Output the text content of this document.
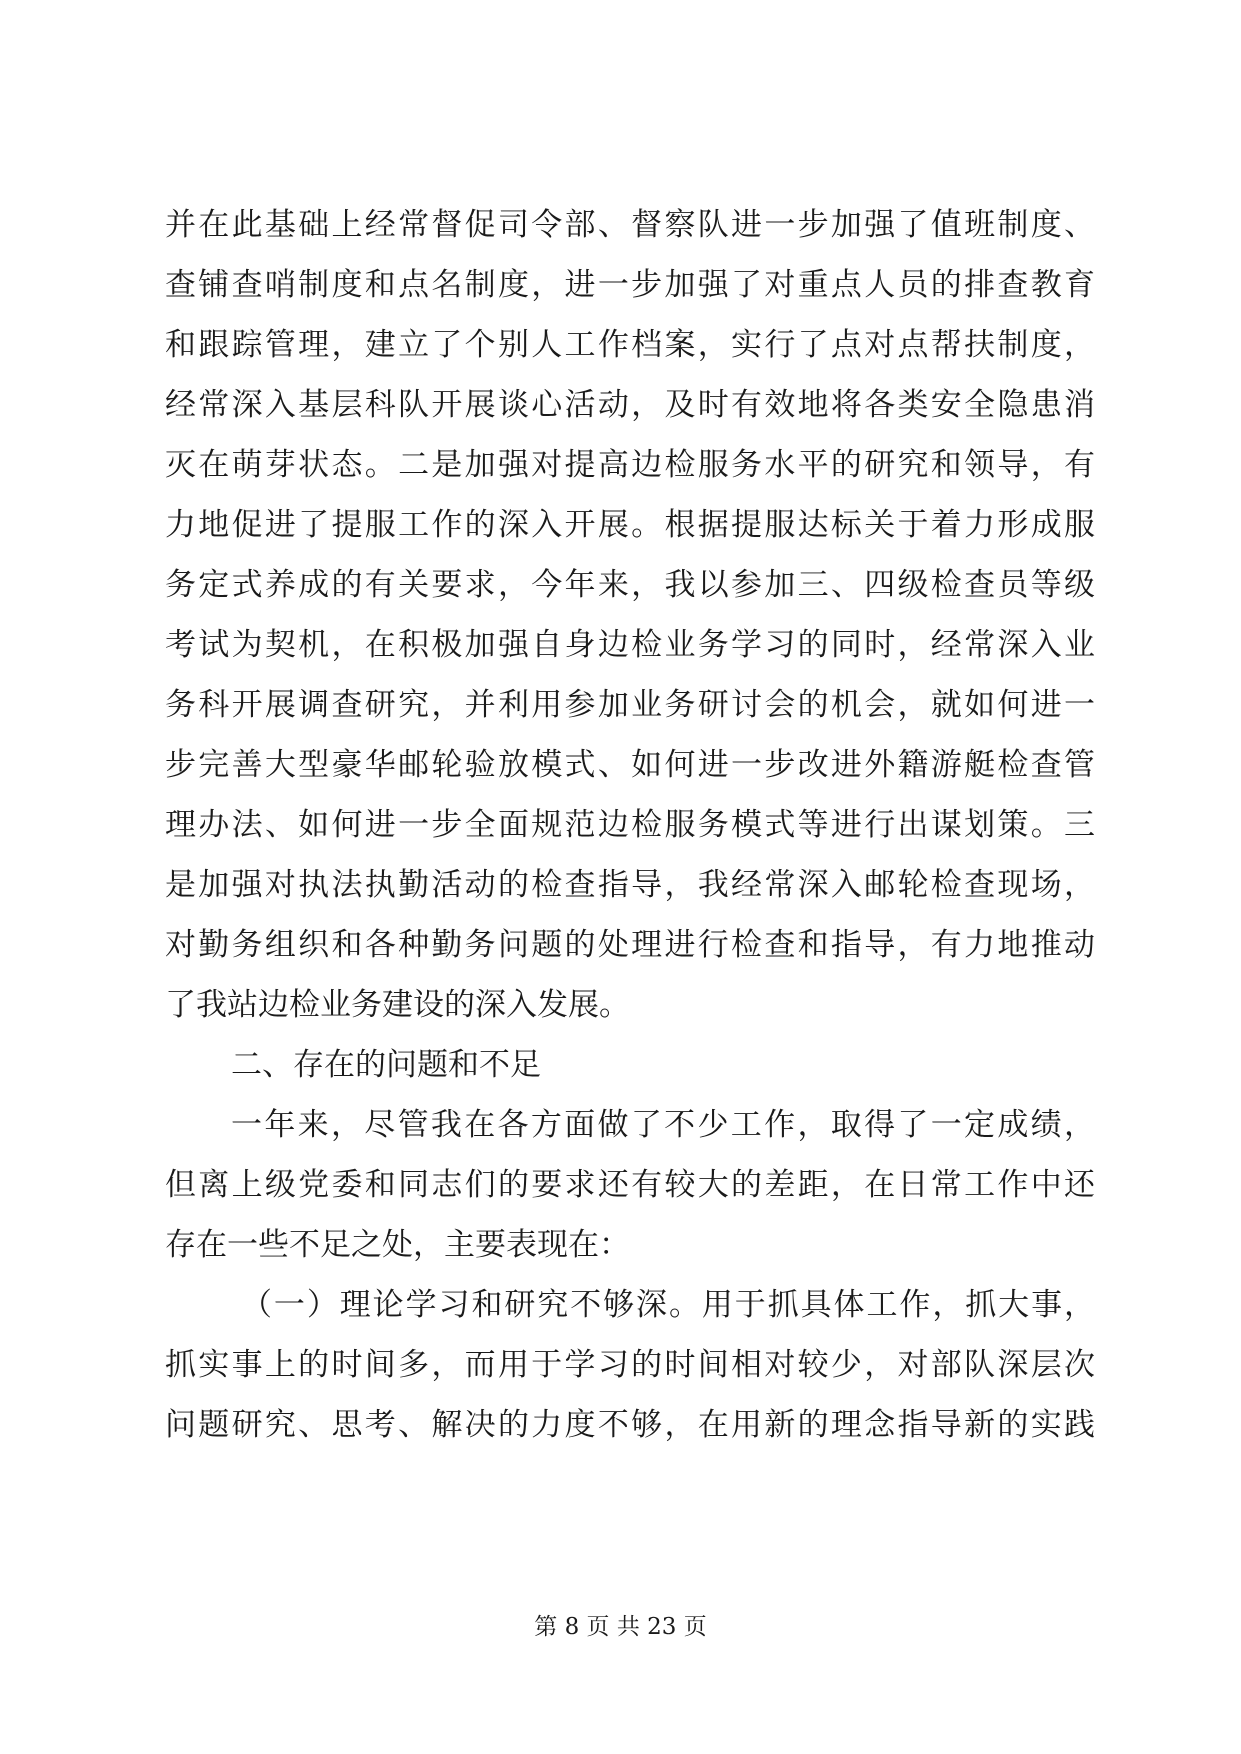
并在此基础上经常督促司令部、督察队进一步加强了值班制度、
查铺查哨制度和点名制度，进一步加强了对重点人员的排查教育
和跟踪管理，建立了个别人工作档案，实行了点对点帮扶制度，
经常深入基层科队开展谈心活动，及时有效地将各类安全隐患消
灭在萌芽状态。二是加强对提高边检服务水平的研究和领导，有
力地促进了提服工作的深入开展。根据提服达标关于着力形成服
务定式养成的有关要求，今年来，我以参加三、四级检查员等级
考试为契机，在积极加强自身边检业务学习的同时，经常深入业
务科开展调查研究，并利用参加业务研讨会的机会，就如何进一
步完善大型豪华邮轮验放模式、如何进一步改进外籍游艇检查管
理办法、如何进一步全面规范边检服务模式等进行出谋划策。三
是加强对执法执勤活动的检查指导，我经常深入邮轮检查现场，
对勤务组织和各种勤务问题的处理进行检查和指导，有力地推动
了我站边检业务建设的深入发展。
二、存在的问题和不足
一年来，尽管我在各方面做了不少工作，取得了一定成绩，
但离上级党委和同志们的要求还有较大的差距，在日常工作中还
存在一些不足之处，主要表现在：
（一）理论学习和研究不够深。用于抓具体工作，抓大事，
抓实事上的时间多，而用于学习的时间相对较少，对部队深层次
问题研究、思考、解决的力度不够，在用新的理念指导新的实践
第 8 页 共 23 页
